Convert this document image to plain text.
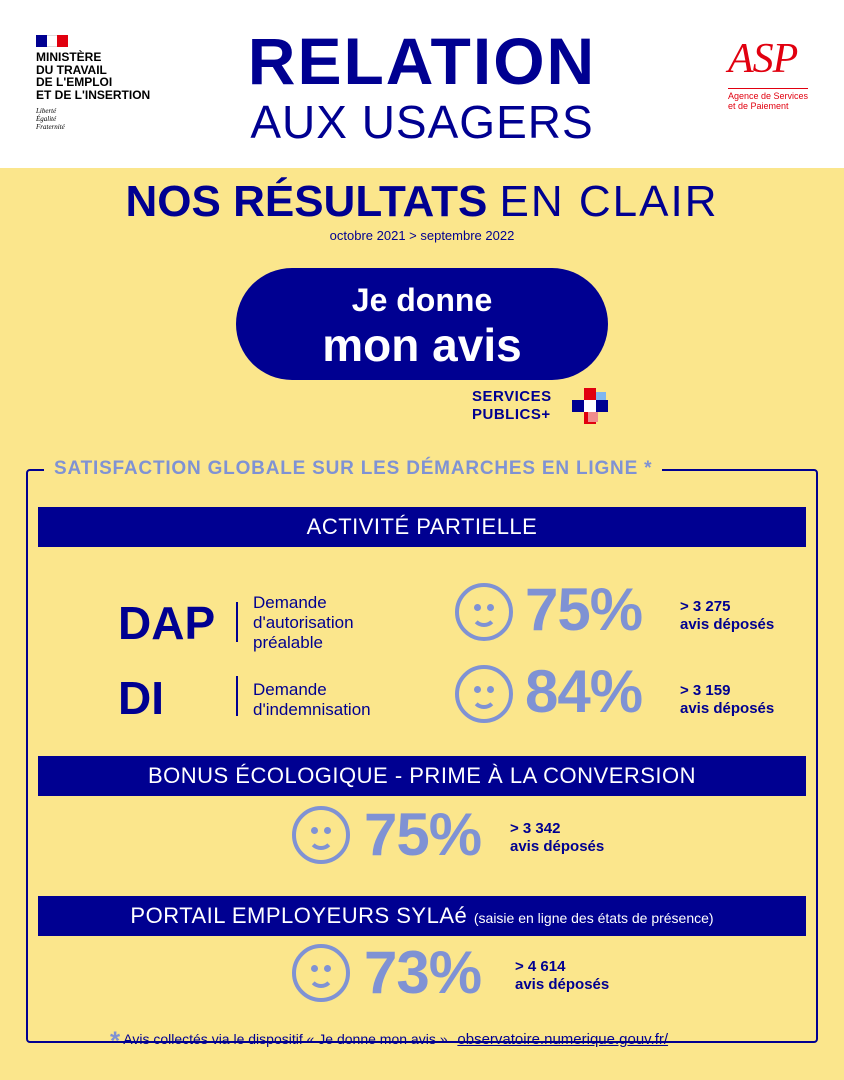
MINISTÈRE
DU TRAVAIL
DE L'EMPLOI
ET DE L'INSERTION
Liberté
Égalité
Fraternité
RELATION
AUX USAGERS
ASP
Agence de Services
et de Paiement
NOS RÉSULTATS EN CLAIR
octobre 2021 > septembre 2022
Je donne
mon avis
SERVICES
PUBLICS+
SATISFACTION GLOBALE SUR LES DÉMARCHES EN LIGNE *
ACTIVITÉ PARTIELLE
DAP Demande
d'autorisation
préalable	75%	> 3 275
avis déposés
DI	Demande
d'indemnisation	84%	> 3 159
avis déposés
BONUS ÉCOLOGIQUE - PRIME À LA CONVERSION
75% > 3 342
avis déposés
PORTAIL EMPLOYEURS SYLAé (saisie en ligne des états de présence)
73% > 4 614
avis déposés
* Avis collectés via le dispositif « Je donne mon avis » observatoire.numerique.gouv.fr/
